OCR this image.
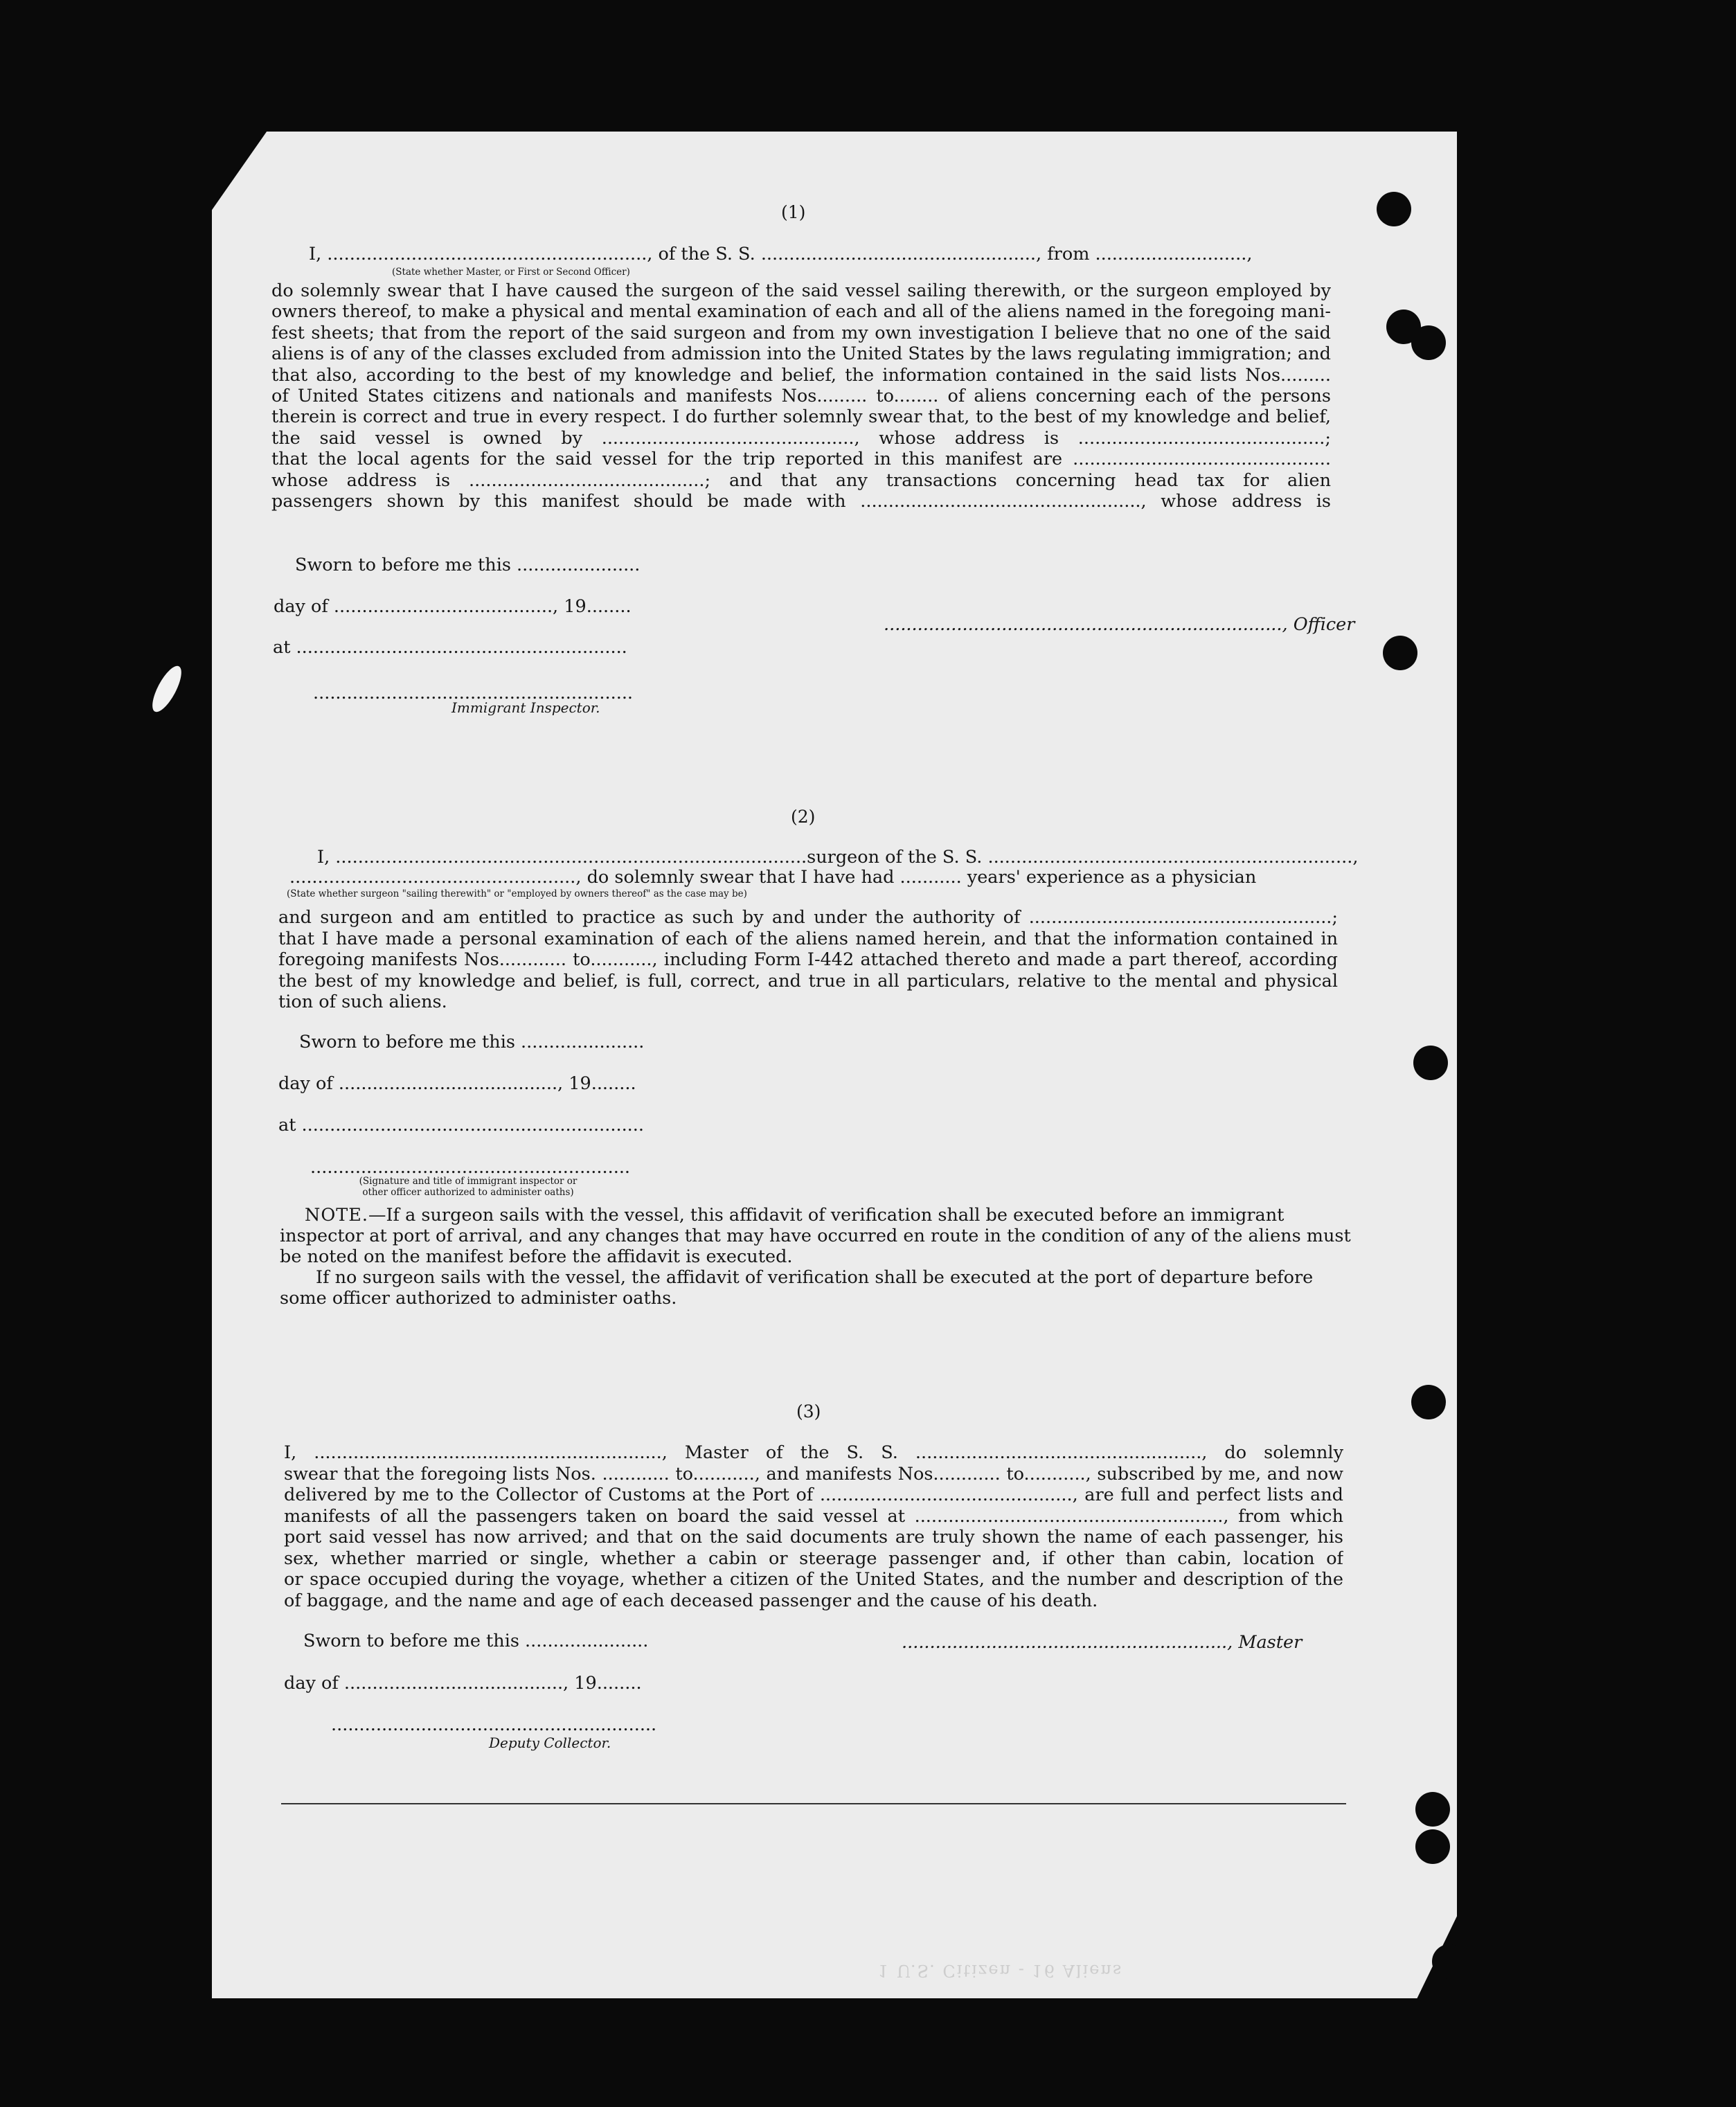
(1)
I, ........................................................., of the S. S. ................................................., from ...........................,
(State whether Master, or First or Second Officer)
do solemnly swear that I have caused the surgeon of the said vessel sailing therewith, or the surgeon employed by
owners thereof, to make a physical and mental examination of each and all of the aliens named in the foregoing mani-
fest sheets; that from the report of the said surgeon and from my own investigation I believe that no one of the said
aliens is of any of the classes excluded from admission into the United States by the laws regulating immigration; and
that also, according to the best of my knowledge and belief, the information contained in the said lists Nos.........
of United States citizens and nationals and manifests Nos......... to........ of aliens concerning each of the persons
therein is correct and true in every respect. I do further solemnly swear that, to the best of my knowledge and belief,
the said vessel is owned by ............................................., whose address is ............................................;
that the local agents for the said vessel for the trip reported in this manifest are ..............................................
whose address is ..........................................; and that any transactions concerning head tax for alien
passengers shown by this manifest should be made with .................................................., whose address is
Sworn to before me this ......................
day of ......................................., 19........
at ...........................................................
......................................................................., Officer
.........................................................
Immigrant Inspector.
(2)
I, ....................................................................................surgeon of the S. S. .................................................................,
..................................................., do solemnly swear that I have had ........... years' experience as a physician
(State whether surgeon "sailing therewith" or "employed by owners thereof" as the case may be)
and surgeon and am entitled to practice as such by and under the authority of ......................................................;
that I have made a personal examination of each of the aliens named herein, and that the information contained in
foregoing manifests Nos............ to..........., including Form I-442 attached thereto and made a part thereof, according
the best of my knowledge and belief, is full, correct, and true in all particulars, relative to the mental and physical
tion of such aliens.
Sworn to before me this ......................
day of ......................................., 19........
at .............................................................
.........................................................
(Signature and title of immigrant inspector or
other officer authorized to administer oaths)
NOTE.—If a surgeon sails with the vessel, this affidavit of verification shall be executed before an immigrant
inspector at port of arrival, and any changes that may have occurred en route in the condition of any of the aliens must
be noted on the manifest before the affidavit is executed.
If no surgeon sails with the vessel, the affidavit of verification shall be executed at the port of departure before
some officer authorized to administer oaths.
(3)
I, .............................................................., Master of the S. S. ..................................................., do solemnly
swear that the foregoing lists Nos. ............ to..........., and manifests Nos............ to..........., subscribed by me, and now
delivered by me to the Collector of Customs at the Port of ............................................., are full and perfect lists and
manifests of all the passengers taken on board the said vessel at ......................................................., from which
port said vessel has now arrived; and that on the said documents are truly shown the name of each passenger, his
sex, whether married or single, whether a cabin or steerage passenger and, if other than cabin, location of
or space occupied during the voyage, whether a citizen of the United States, and the number and description of the
of baggage, and the name and age of each deceased passenger and the cause of his death.
Sworn to before me this ......................	.........................................................., Master
day of ......................................., 19........
..........................................................
Deputy Collector.
1 U.S. Citizen - 16 Aliens
